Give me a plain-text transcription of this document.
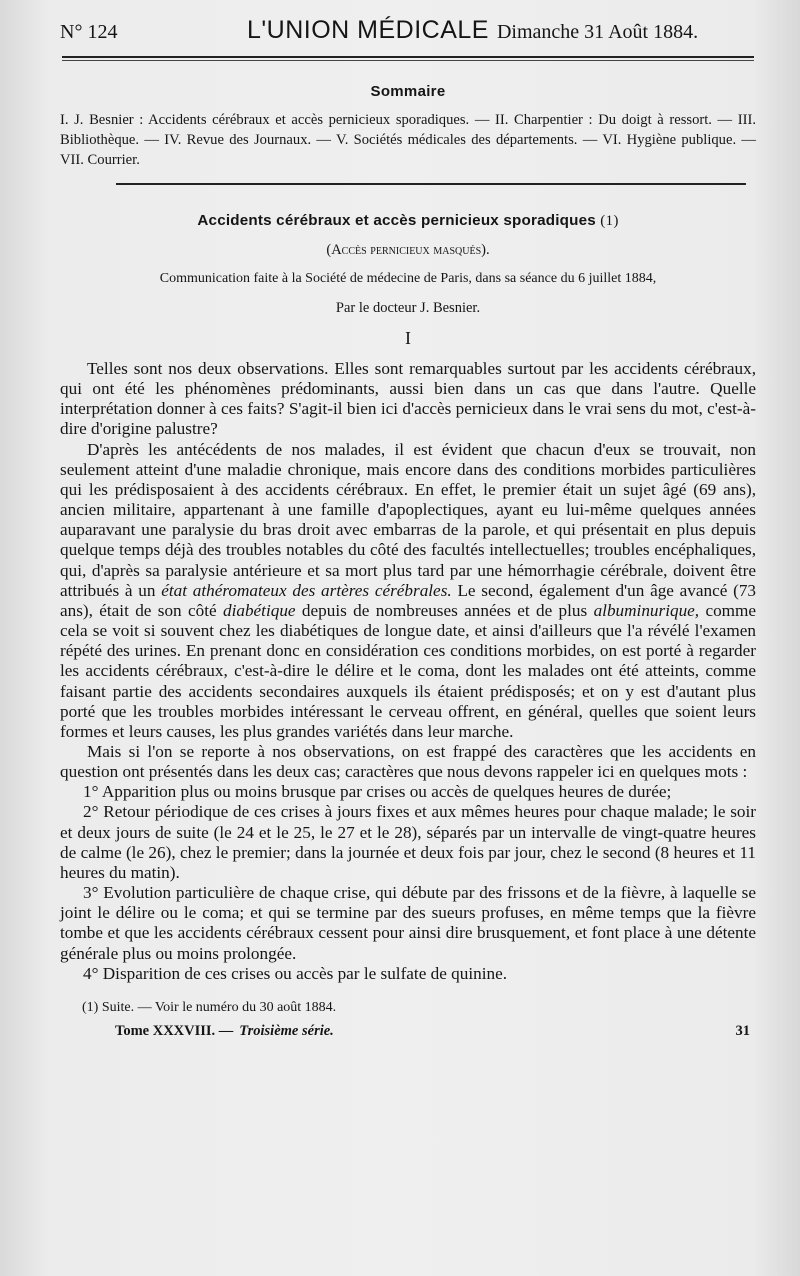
N° 124	L'UNION MÉDICALE Dimanche 31 Août 1884.
Sommaire
I. J. Besnier : Accidents cérébraux et accès pernicieux sporadiques. — II. Charpentier : Du doigt à ressort. — III. Bibliothèque. — IV. Revue des Journaux. — V. Sociétés médicales des départements. — VI. Hygiène publique. — VII. Courrier.
Accidents cérébraux et accès pernicieux sporadiques (1)
(Accès pernicieux masqués).
Communication faite à la Société de médecine de Paris, dans sa séance du 6 juillet 1884,
Par le docteur J. Besnier.
I

Telles sont nos deux observations. Elles sont remarquables surtout par les accidents cérébraux, qui ont été les phénomènes prédominants, aussi bien dans un cas que dans l'autre. Quelle interprétation donner à ces faits? S'agit-il bien ici d'accès pernicieux dans le vrai sens du mot, c'est-à-dire d'origine palustre?

D'après les antécédents de nos malades, il est évident que chacun d'eux se trouvait, non seulement atteint d'une maladie chronique, mais encore dans des conditions morbides particulières qui les prédisposaient à des accidents cérébraux. En effet, le premier était un sujet âgé (69 ans), ancien militaire, appartenant à une famille d'apoplectiques, ayant eu lui-même quelques années auparavant une paralysie du bras droit avec embarras de la parole, et qui présentait en plus depuis quelque temps déjà des troubles notables du côté des facultés intellectuelles; troubles encéphaliques, qui, d'après sa paralysie antérieure et sa mort plus tard par une hémorrhagie cérébrale, doivent être attribués à un état athéromateux des artères cérébrales. Le second, également d'un âge avancé (73 ans), était de son côté diabétique depuis de nombreuses années et de plus albuminurique, comme cela se voit si souvent chez les diabétiques de longue date, et ainsi d'ailleurs que l'a révélé l'examen répété des urines. En prenant donc en considération ces conditions morbides, on est porté à regarder les accidents cérébraux, c'est-à-dire le délire et le coma, dont les malades ont été atteints, comme faisant partie des accidents secondaires auxquels ils étaient prédisposés; et on y est d'autant plus porté que les troubles morbides intéressant le cerveau offrent, en général, quelles que soient leurs formes et leurs causes, les plus grandes variétés dans leur marche.

Mais si l'on se reporte à nos observations, on est frappé des caractères que les accidents en question ont présentés dans les deux cas; caractères que nous devons rappeler ici en quelques mots :

1° Apparition plus ou moins brusque par crises ou accès de quelques heures de durée;

2° Retour périodique de ces crises à jours fixes et aux mêmes heures pour chaque malade; le soir et deux jours de suite (le 24 et le 25, le 27 et le 28), séparés par un intervalle de vingt-quatre heures de calme (le 26), chez le premier; dans la journée et deux fois par jour, chez le second (8 heures et 11 heures du matin).

3° Evolution particulière de chaque crise, qui débute par des frissons et de la fièvre, à laquelle se joint le délire ou le coma; et qui se termine par des sueurs profuses, en même temps que la fièvre tombe et que les accidents cérébraux cessent pour ainsi dire brusquement, et font place à une détente générale plus ou moins prolongée.

4° Disparition de ces crises ou accès par le sulfate de quinine.

(1) Suite. — Voir le numéro du 30 août 1884.
Tome XXXVIII. — Troisième série.	31
